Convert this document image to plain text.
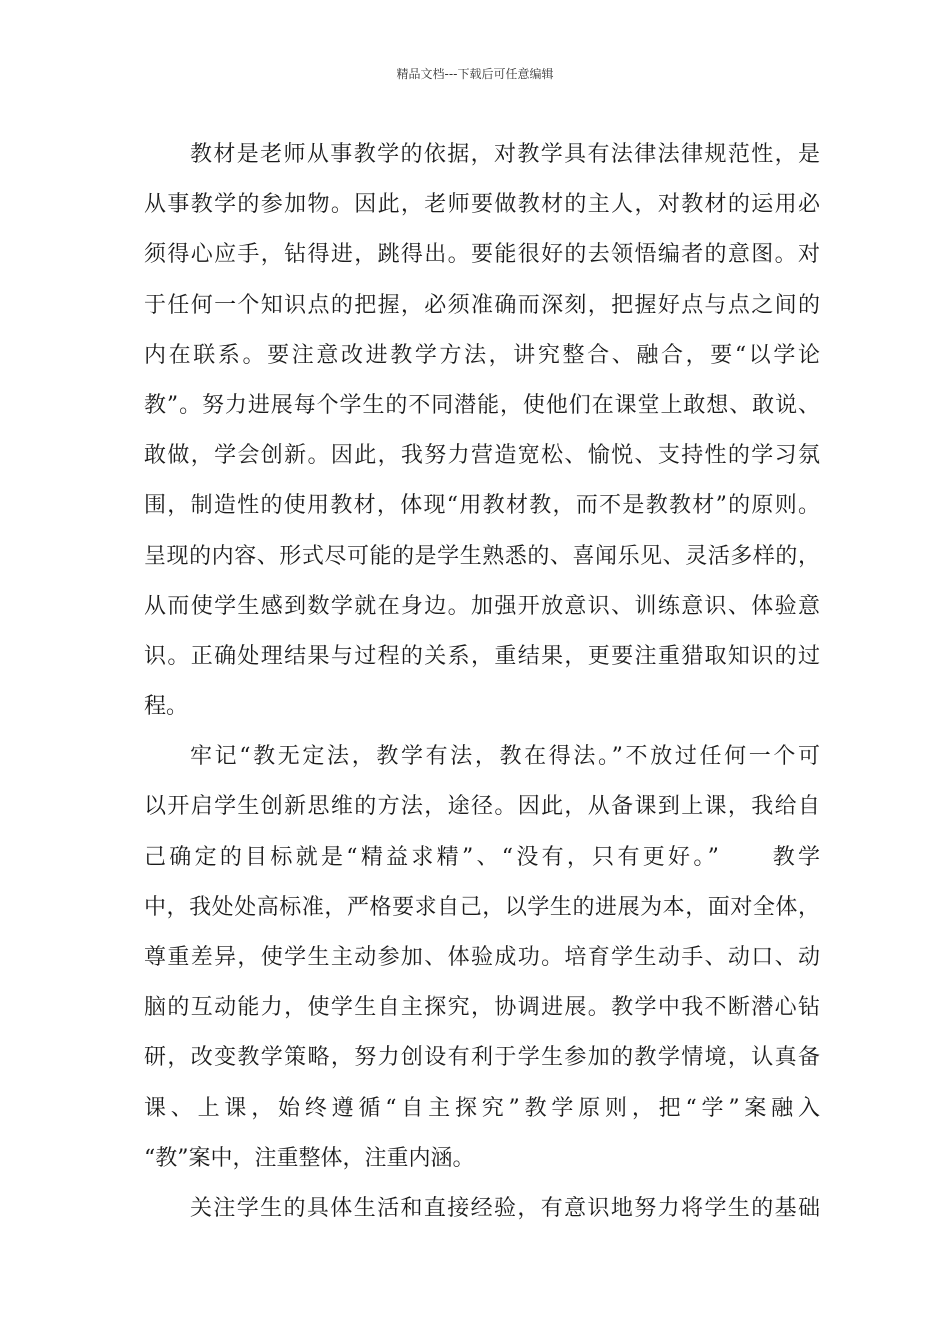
精品文档---下载后可任意编辑
教材是老师从事教学的依据，对教学具有法律法律规范性，是
从事教学的参加物。因此，老师要做教材的主人，对教材的运用必
须得心应手，钻得进，跳得出。要能很好的去领悟编者的意图。对
于任何一个知识点的把握，必须准确而深刻，把握好点与点之间的
内在联系。要注意改进教学方法，讲究整合、融合，要“以学论
教”。努力进展每个学生的不同潜能，使他们在课堂上敢想、敢说、
敢做，学会创新。因此，我努力营造宽松、愉悦、支持性的学习氛
围，制造性的使用教材，体现“用教材教，而不是教教材”的原则。
呈现的内容、形式尽可能的是学生熟悉的、喜闻乐见、灵活多样的，
从而使学生感到数学就在身边。加强开放意识、训练意识、体验意
识。正确处理结果与过程的关系，重结果，更要注重猎取知识的过
程。
牢记“教无定法，教学有法，教在得法。”不放过任何一个可
以开启学生创新思维的方法，途径。因此，从备课到上课，我给自
己确定的目标就是“精益求精”、“没有，只有更好。”　　教学
中，我处处高标准，严格要求自己，以学生的进展为本，面对全体，
尊重差异，使学生主动参加、体验成功。培育学生动手、动口、动
脑的互动能力，使学生自主探究，协调进展。教学中我不断潜心钻
研，改变教学策略，努力创设有利于学生参加的教学情境，认真备
课、上课，始终遵循“自主探究”教学原则，把“学”案融入
“教”案中，注重整体，注重内涵。
关注学生的具体生活和直接经验，有意识地努力将学生的基础
